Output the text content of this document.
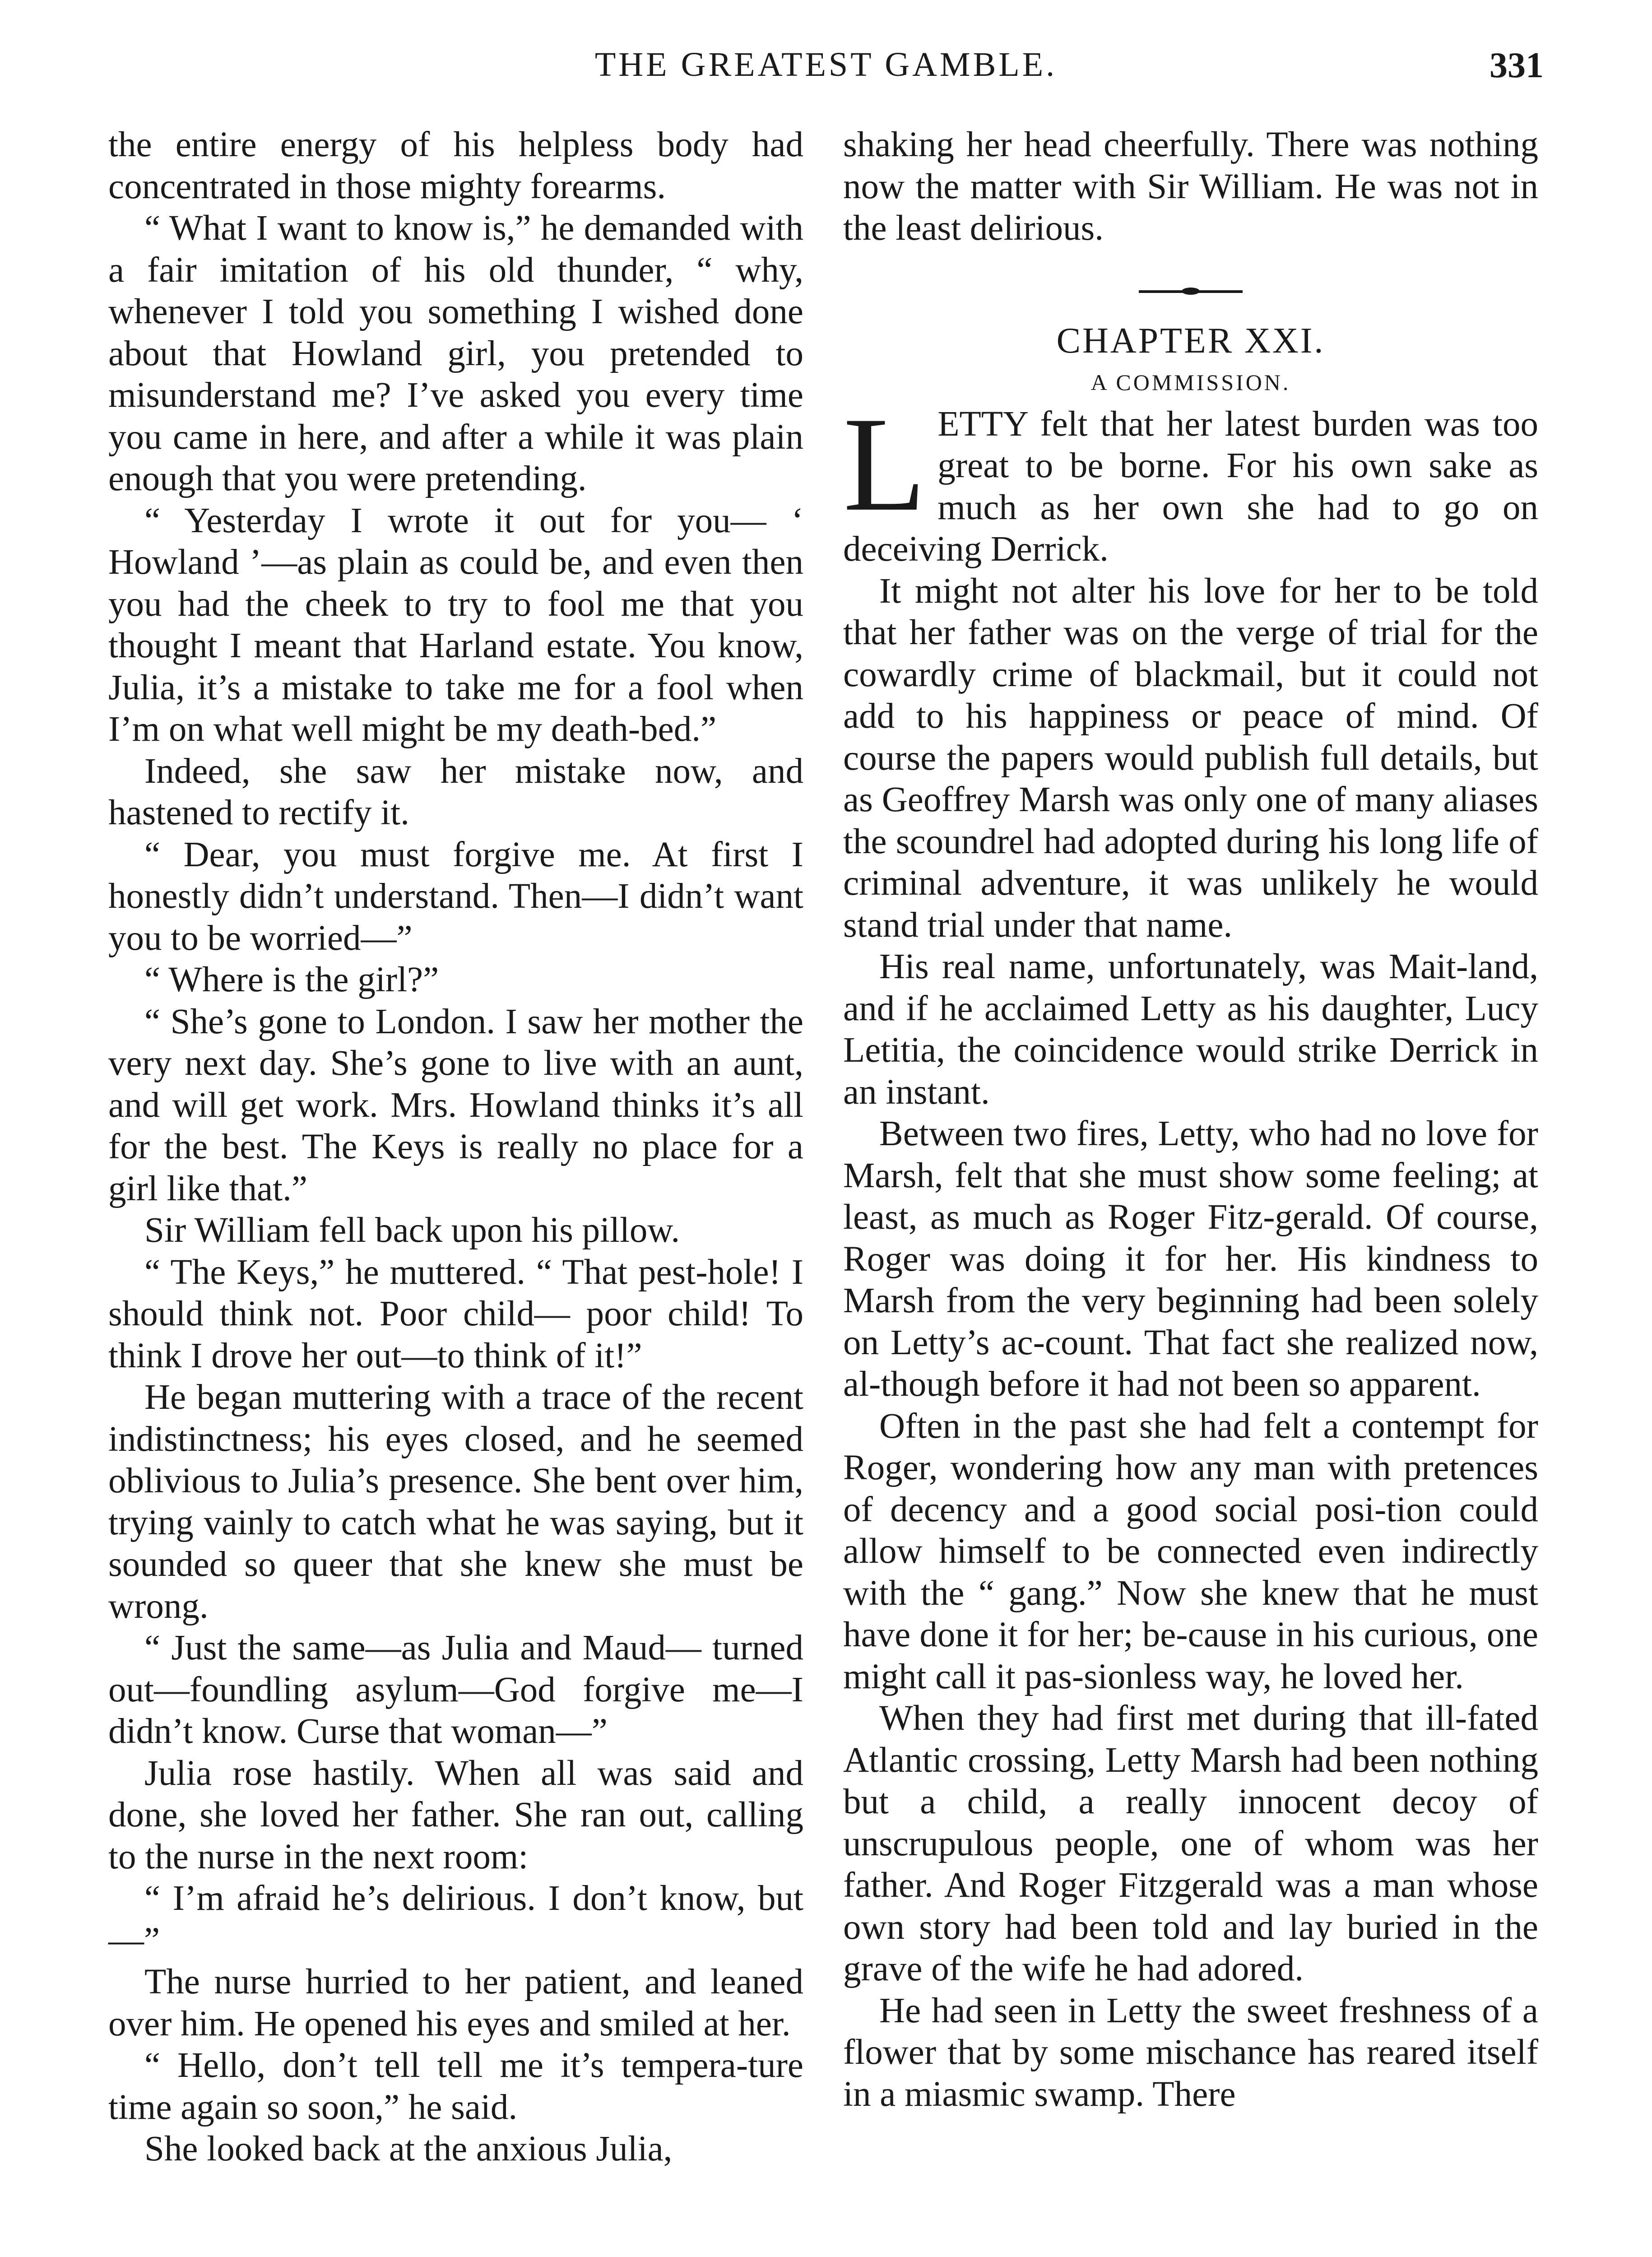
THE GREATEST GAMBLE.	331

the entire energy of his helpless body had concentrated in those mighty forearms.

“ What I want to know is,” he demanded with a fair imitation of his old thunder, “ why, whenever I told you something I wished done about that Howland girl, you pretended to misunderstand me? I’ve asked you every time you came in here, and after a while it was plain enough that you were pretending.

“ Yesterday I wrote it out for you— ‘ Howland ’—as plain as could be, and even then you had the cheek to try to fool me that you thought I meant that Harland estate. You know, Julia, it’s a mistake to take me for a fool when I’m on what well might be my death-bed.”

Indeed, she saw her mistake now, and hastened to rectify it.

“ Dear, you must forgive me. At first I honestly didn’t understand. Then—I didn’t want you to be worried—”

“ Where is the girl?”

“ She’s gone to London. I saw her mother the very next day. She’s gone to live with an aunt, and will get work. Mrs. Howland thinks it’s all for the best. The Keys is really no place for a girl like that.”

Sir William fell back upon his pillow.

“ The Keys,” he muttered. “ That pest-hole! I should think not. Poor child— poor child! To think I drove her out—to think of it!”

He began muttering with a trace of the recent indistinctness; his eyes closed, and he seemed oblivious to Julia’s presence. She bent over him, trying vainly to catch what he was saying, but it sounded so queer that she knew she must be wrong.

“ Just the same—as Julia and Maud— turned out—foundling asylum—God forgive me—I didn’t know. Curse that woman—”

Julia rose hastily. When all was said and done, she loved her father. She ran out, calling to the nurse in the next room:

“ I’m afraid he’s delirious. I don’t know, but—”

The nurse hurried to her patient, and leaned over him. He opened his eyes and smiled at her.

“ Hello, don’t tell tell me it’s tempera-ture time again so soon,” he said.

She looked back at the anxious Julia,

shaking her head cheerfully. There was nothing now the matter with Sir William. He was not in the least delirious.

CHAPTER XXI.

A COMMISSION.

LETTY felt that her latest burden was too great to be borne. For his own sake as much as her own she had to go on deceiving Derrick.

It might not alter his love for her to be told that her father was on the verge of trial for the cowardly crime of blackmail, but it could not add to his happiness or peace of mind. Of course the papers would publish full details, but as Geoffrey Marsh was only one of many aliases the scoundrel had adopted during his long life of criminal adventure, it was unlikely he would stand trial under that name.

His real name, unfortunately, was Mait-land, and if he acclaimed Letty as his daughter, Lucy Letitia, the coincidence would strike Derrick in an instant.

Between two fires, Letty, who had no love for Marsh, felt that she must show some feeling; at least, as much as Roger Fitz-gerald. Of course, Roger was doing it for her. His kindness to Marsh from the very beginning had been solely on Letty’s ac-count. That fact she realized now, al-though before it had not been so apparent.

Often in the past she had felt a contempt for Roger, wondering how any man with pretences of decency and a good social posi-tion could allow himself to be connected even indirectly with the “ gang.” Now she knew that he must have done it for her; be-cause in his curious, one might call it pas-sionless way, he loved her.

When they had first met during that ill-fated Atlantic crossing, Letty Marsh had been nothing but a child, a really innocent decoy of unscrupulous people, one of whom was her father. And Roger Fitzgerald was a man whose own story had been told and lay buried in the grave of the wife he had adored.

He had seen in Letty the sweet freshness of a flower that by some mischance has reared itself in a miasmic swamp. There
